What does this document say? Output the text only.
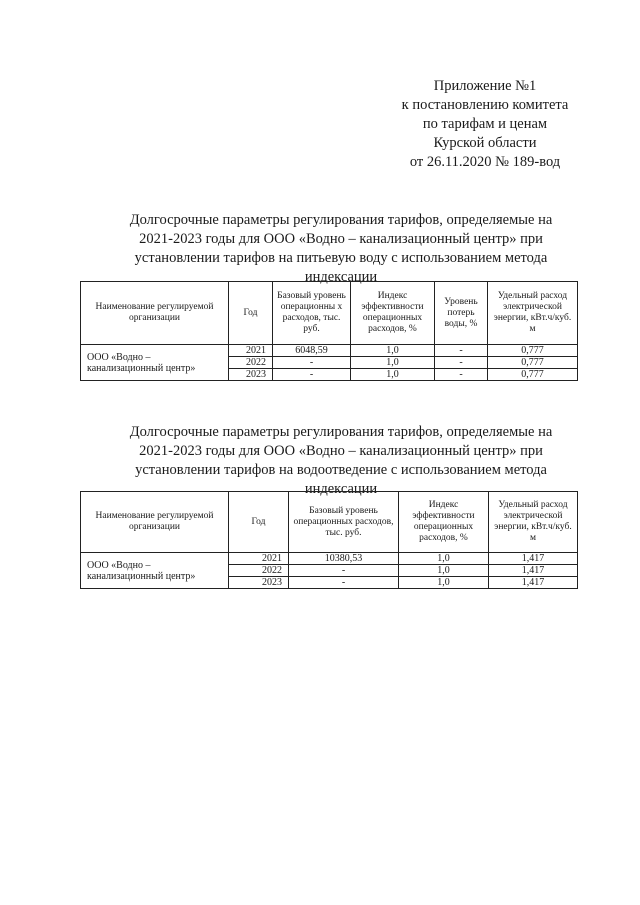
Приложение №1
к постановлению комитета
по тарифам и ценам
Курской области
от 26.11.2020 № 189-вод
Долгосрочные параметры регулирования тарифов, определяемые на
2021-2023 годы для ООО «Водно – канализационный центр» при
установлении тарифов на питьевую воду с использованием метода
индексации
Наименование регулируемой организации	Год	Базовый уровень операционны х расходов, тыс. руб.	Индекс эффективности операционных расходов, %	Уровень потерь воды, %	Удельный расход электрической энергии, кВт.ч/куб. м
ООО «Водно – канализационный центр»	2021	6048,59	1,0	-	0,777
	2022	-	1,0	-	0,777
	2023	-	1,0	-	0,777
Долгосрочные параметры регулирования тарифов, определяемые на
2021-2023 годы для ООО «Водно – канализационный центр» при
установлении тарифов на водоотведение с использованием метода
индексации
Наименование регулируемой организации	Год	Базовый уровень операционных расходов, тыс. руб.	Индекс эффективности операционных расходов, %	Удельный расход электрической энергии, кВт.ч/куб. м
ООО «Водно – канализационный центр»	2021	10380,53	1,0	1,417
	2022	-	1,0	1,417
	2023	-	1,0	1,417
